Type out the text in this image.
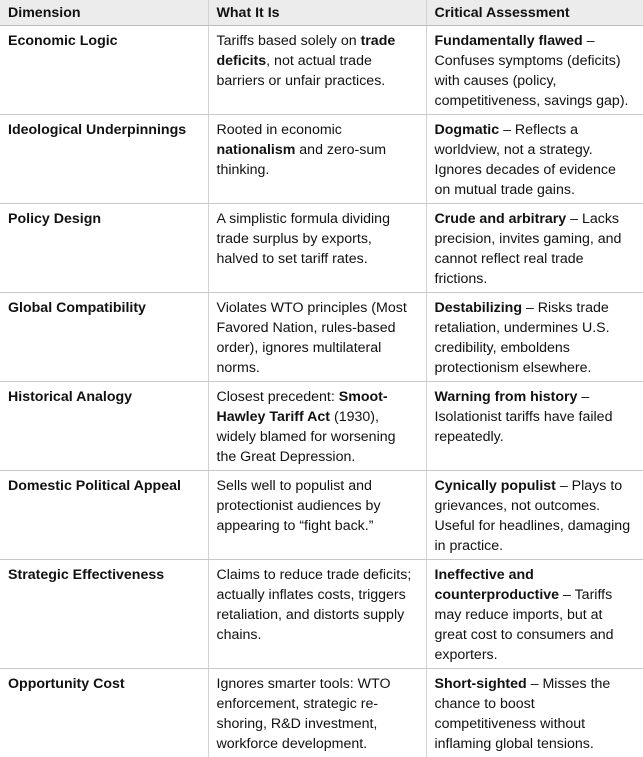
Dimension	What It Is	Critical Assessment
Economic Logic	Tariffs based solely on trade deficits, not actual trade barriers or unfair practices.	Fundamentally flawed – Confuses symptoms (deficits) with causes (policy, competitiveness, savings gap).
Ideological Underpinnings	Rooted in economic nationalism and zero-sum thinking.	Dogmatic – Reflects a worldview, not a strategy. Ignores decades of evidence on mutual trade gains.
Policy Design	A simplistic formula dividing trade surplus by exports, halved to set tariff rates.	Crude and arbitrary – Lacks precision, invites gaming, and cannot reflect real trade frictions.
Global Compatibility	Violates WTO principles (Most Favored Nation, rules-based order), ignores multilateral norms.	Destabilizing – Risks trade retaliation, undermines U.S. credibility, emboldens protectionism elsewhere.
Historical Analogy	Closest precedent: Smoot-Hawley Tariff Act (1930), widely blamed for worsening the Great Depression.	Warning from history – Isolationist tariffs have failed repeatedly.
Domestic Political Appeal	Sells well to populist and protectionist audiences by appearing to “fight back.”	Cynically populist – Plays to grievances, not outcomes. Useful for headlines, damaging in practice.
Strategic Effectiveness	Claims to reduce trade deficits; actually inflates costs, triggers retaliation, and distorts supply chains.	Ineffective and counterproductive – Tariffs may reduce imports, but at great cost to consumers and exporters.
Opportunity Cost	Ignores smarter tools: WTO enforcement, strategic re-shoring, R&D investment, workforce development.	Short-sighted – Misses the chance to boost competitiveness without inflaming global tensions.
